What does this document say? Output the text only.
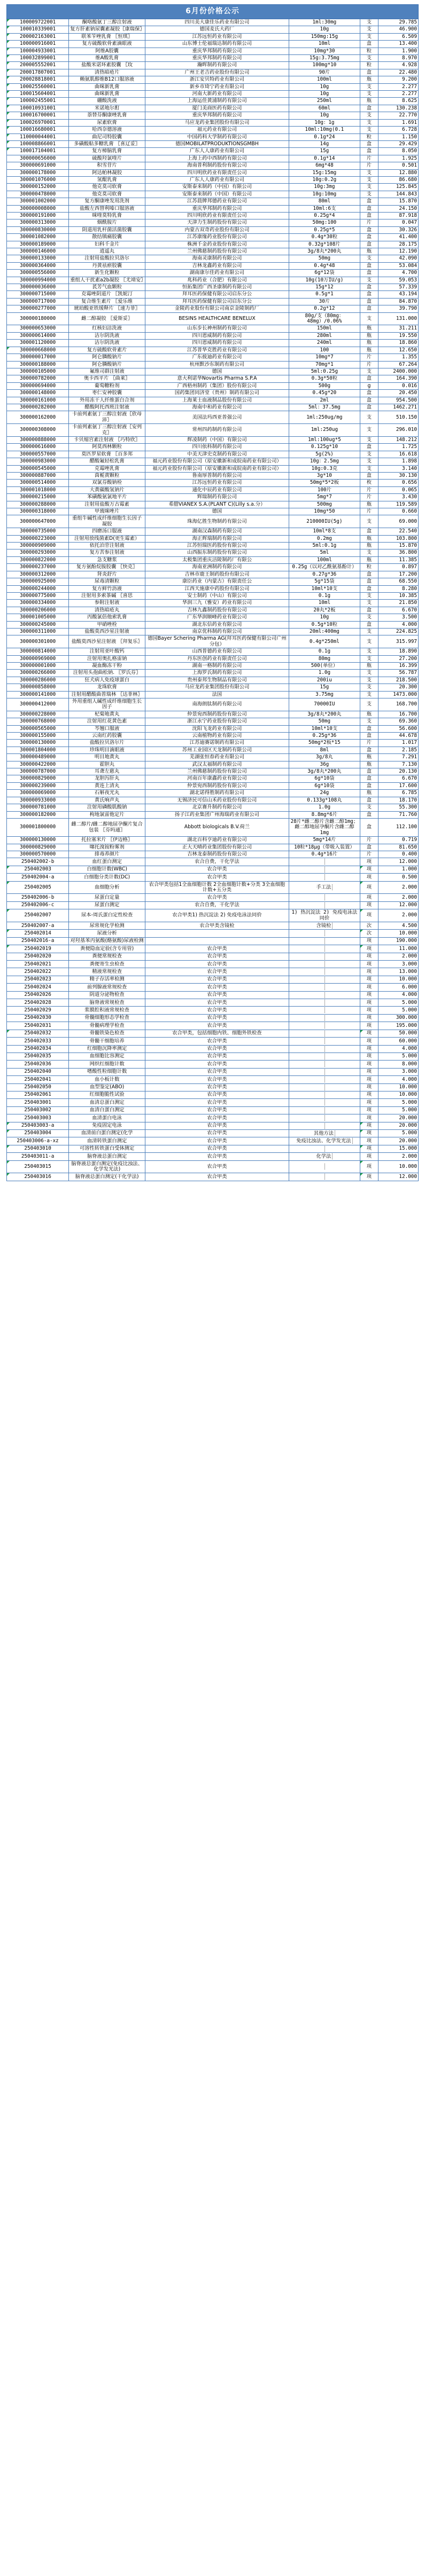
6月份价格公示					
100009722001	酮咯酸氨丁三醇注射液	四川美大康佳乐药业有限公司	1ml:30mg	支	29.785
100010339001	复方肝素钠尿囊素凝胶〖康瑞保〗	德国麦氏大药厂	10g	支	46.900
200002163001	联苯苄唑乳膏 〖恒琪〗	江苏远恒药业有限公司	150mg:15g	支	6.509
100000916001	复方硫酸软骨素滴眼液	山东博士伦福瑞达制药有限公司	10ml	盒	13.400
100004933001	阿维A胶囊	重庆华邦制药有限公司	10mg*30	粒	1.900
100032899001	维A酸乳膏	重庆华邦制药有限公司	15g:3.75mg	支	8.970
200005552001	盐酸米诺环素胶囊 〖玫	瀚晖制药有限公司	100mg*10	粒	4.928
200017807001	清热暗疮片	广州王老吉药业股份有限公司	90片	盒	22.480
200028818001	赖氨肌醇维B12口服溶液	浙江安贝特药业有限公司	100ml	瓶	9.200
100025560001	曲咪新乳膏	新乡市琦宁药业有限公司	10g	支	2.277
100015604001	曲咪新乳膏	河南大新药业有限公司	10g	支	2.277
100002455001	硼酸洗液	上海运佳黄浦制药有限公司	250ml	瓶	8.625
100010931001	米诺地尔酊	厦门美商医药有限公司	60ml	盒	130.238
100016700001	萘替芬酮康唑乳膏	重庆华邦制药有限公司	10g	支	22.770
100026970001	尿素软膏	马应龙药业集团股份有限公司	10g：1g	支	1.691
100016680001	哈西奈德溶液	福元药业有限公司	10ml:10mg(0.1	支	6.728
110000044001	曲尼司特胶囊	中国药科大学制药有限公司	0.1g*24	粒	1.150
100008866001	多磺酸粘多糖乳膏 〖喜辽妥〗	德国MOBILATPRODUKTIONSGMBH	14g	盒	29.429
100017104001	复方樟脑乳膏	广东人人康药业有限公司	15g	盒	8.050
300000656000	硫酸羟氯喹片	上海上药中西制药有限公司	0.1g*14	片	1.925
300000691000	积雪苷片	海南普利制药股份有限公司	6mg*48	片	0.501
300000178000	阿达帕林凝胶	四川明欣药业有限责任公司	15g:15mg	支	12.880
300001076000	氢醌乳膏	广东人人康药业有限公司	10g:0.2g	支	86.680
300000152000	他克莫司软膏	安斯泰来制药（中国）有限公司	10g:3mg	支	125.845
300000478000	他克莫司软膏	安斯泰来制药（中国）有限公司	10g:10mg	支	144.843
300001002000	复方酮康唑发用洗剂	江苏晨牌邦德药业有限公司	80ml	盒	15.870
300000008000	盐酸左西替利嗪口服溶液	重庆华邦制药有限公司	10ml:6支	盒	24.150
300000191000	咪喹莫特乳膏	四川明欣药业有限责任公司	0.25g*4	盒	87.918
300000313000	烟酰胺片	天津力生制药股份有限公司	50mg:100	片	0.047
300000830000	阴道用乳杆菌活菌胶囊	内蒙古双奇药业股份有限公司	0.25g*5	盒	30.326
300001082000	散结镇痛胶囊	江苏康缘药业股份有限公司	0.4g*30粒	盒	41.400
300000189000	妇科千金片	株洲千金药业股份有限公司	0.32g*108片	盒	28.175
300000146000	逍遥丸	兰州佛慈制药股份有限公司	3g/8丸*200丸	瓶	12.190
300000133000	注射用盐酸拉贝洛尔	海南灵康制药有限公司	50mg	支	42.090
300000364000	丹黄祛瘀胶囊	吉林龙鑫药业有限公司	0.4g*48	盒	53.084
300000556000	新生化颗粒	湖南康尔佳药业有限公司	6g*12袋	盒	4.700
300000994000	重组人干扰素a2b凝胶 〖尤靖安〗	兆科药业（合肥）有限公司	10g(10万IU/g)	支	59.053
300000036000	芪芳气血颗粒	恒拓集团广西圣康制药有限公司	15g*12	盒	57.339
300000715000	克霉唑阴道片 〖凯妮汀	拜耳医药保健有限公司启东分公	0.5g*1	盒	43.194
300000717000	复合维生素片 〖爱乐维	拜耳医药保健有限公司启东分公	30片	盒	84.870
300000277000	琥珀酸亚铁缓释片 〖速力菲〗	金陵药业股份有限公司南京金陵制药厂	0.2g*12	盒	39.790
300000180000	雌二醇凝胶 〖爱斯妥〗	BESINS HEALTHCARE BENELUX	80g/支（80mg：48mg）/0.06%	支	131.000
300000653000	红核妇洁洗液	山东步长神州制药有限公司	150ml	瓶	31.211
300000614000	洁尔阴洗液	四川恩威制药有限公司	280ml	瓶	19.550
300001120000	洁尔阴洗液	四川恩威制药有限公司	240ml	瓶	18.860
300000668000	复方硫酸软骨素片	江苏普华克胜药业有限公司	100	瓶	12.650
300000017000	阿仑膦酸钠片	广东彼迪药业有限公司	10mg*7	片	1.355
300000188000	阿仑膦酸钠片	杭州默沙东制药有限公司	70mg*1	片	67.264
300000105000	氟维司群注射液	德国	5ml:0.25g	支	2400.000
300000782000	奥卡西平片 〖曲莱〗	意大利诺华Novartis Pharma S.P.A	0.3g*50粒	盒	164.390
300000694000	葡萄糖粉剂	广西梧州制药（集团）股份有限公司	500g	g	0.016
300000148000	枣仁安神胶囊	国药集团同济堂（贵州）制药有限公司	0.45g*20	盒	20.450
300000161000	外用冻干人纤维蛋白合剂	上海莱士血液制品股份有限公司	2ml	盒	954.500
300000282000	醋酸阿托西班注射液	海南中和药业有限公司	5ml：37.5mg	盒	1462.271
300000162000	卡前列素氨丁三醇注射液〖欣母沛〗	美国法玛西亚普强公司	1ml:250ug/mg	支	510.150
300000308000	卡前列素氨丁三醇注射液〖安列克〗	常州四药制药有限公司	1ml:250ug	支	296.010
300000888000	卡贝缩宫素注射液 〖巧特欣〗	辉凌制药（中国）有限公司	1ml:100ug*5	支	148.212
300000616000	阿莫西林颗粒	四川依科制药有限公司	0.125g*10	盒	1.725
300000557000	莫匹罗星软膏 〖百多邦	中美天津史克制药有限公司	5g(2%)	支	16.618
300000983000	醋酸氟轻松乳膏	福元药业股份有限公司（原安徽新和成皖南药业有限公司）	10g：2.5mg	支	1.898
300000545000	克霉唑乳膏	福元药业股份有限公司（原安徽新和成皖南药业有限公司）	10g:0.3克	支	3.140
300000887000	茵栀黄颗粒	鲁南厚普制药有限公司	3g*10	盒	30.130
300000514000	双氯芬酸钠栓	江苏远恒药业有限公司	50mg*5*2板	枚	0.656
300001018000	大黄碳酸氢钠片	通化中辰药业有限公司	100片	片	0.065
300000215000	苯磺酸氨氯地平片	辉瑞制药有限公司	5mg*7	片	3.430
300000288000	注射用盐酸万古霉素	希腊VIANEX S.A.(PLANT C)(Lilly s.a.分）	500mg	瓶	119.589
300000318000	甲巯咪唑片	德国	10mg*50	片	0.660
300000647000	重组牛碱性成纤维细胞生长因子凝胶	珠海亿胜生物制药有限公司	210000IU(5g)	支	69.000
300000735000	四磨汤口服液	湖南汉森制药有限公司	10ml*8支	盒	22.540
300000223000	注射用放线菌素D(更生霉素）	海正辉瑞制药有限公司	0.2mg	瓶	103.800
300000909000	依托泊苷注射液	江苏恒瑞医药股份有限公司	5ml:0.1g	瓶	15.870
300000293000	复方苦参注射液	山西振东制药股份有限公司	5ml	支	36.800
300000822000	急支糖浆	太极集团重庆涪陵制药厂有限公	100ml	瓶	11.385
300000237000	复方氨酚烷胺胶囊 〖快克〗	海南亚洲制药有限公司	0.25g（以对乙酰氨基酚计）	粒	0.897
300000312000	肾炎舒片	吉林市鹿王制药股份有限公司	0.27g*36	盒	17.200
300000925000	尿毒清颗粒	康臣药业（内蒙古）有限责任公	5g*15袋	盒	68.550
300000244000	复方鲜竹沥液	江西天施康中药股份有限公司	10ml*10支	盒	8.280
300000775000	注射用多索茶碱 〖喜思	安士制药（中山）有限公司	0.1g	支	10.385
300000334000	参附注射液	华润三九（雅安）药业有限公司	10ml	支	21.850
300000206000	清热暗疮丸	吉林九鑫制药股份有限公司	20丸*2板	盒	6.670
300001005000	丙酸氯倍他索乳膏	广东华润顺峰药业有限公司	10g	支	3.500
300000245000	甲硝唑栓	湖北东信药业有限公司	0.5g*10粒	盒	4.000
300000311000	盐酸莫西沙星注射液	南京优科制药有限公司	20ml:400mg	支	224.825
300000301000	盐酸莫西沙星注射液 〖拜复乐〗	德国Bayer Schering Pharma AG(拜耳医药保健有限公司广州分包）	0.4g*250ml	支	315.997
300000814000	注射用亚叶酸钙	山西普德药业有限公司	0.1g	支	18.890
300000969000	注射用奥扎格雷钠	丹东医创药业有限责任公司	80mg	支	27.200
300000001000	凝血酶冻干粉	湖南一格制药有限公司	500(单位）	瓶	16.399
300000266000	注射用头孢曲松钠. 〖罗氏芬〗	上海罗氏制药有限公司	1.0g	支	56.787
300000286000	狂犬病人免疫球蛋白	贵州泰邦生物制品有限公司	200iu	支	218.500
300000858000	龙珠软膏	马应龙药业集团股份有限公司	15g	支	20.300
300000141000	注射用醋酸曲普瑞林 〖达菲林〗	法国	3.75mg	支	1473.000
300000412000	外用重组人碱性成纤维细胞生长因子	南海朗肽制药有限公司	70000IU	支	168.700
300000228000	杞菊地黄丸	仲景宛西制药股份有限公司	3g/8丸*200丸	瓶	16.700
300000768000	注射用红花黄色素	浙江永宁药业股份有限公司	50mg	支	69.360
300000565000	芩翘口服液	沈阳飞龙药业有限公司	10ml*10支	盒	56.600
300000155000	云南红药胶囊	云南植物药业有限公司	0.25g*36	盒	44.678
300000130000	盐酸拉贝洛尔片	江苏迪赛诺制药有限公司	50mg*2板*15	片	1.017
300001804000	珍珠明目滴眼液	苏州工业园区天龙制药有限公司	8ml	盒	2.185
300000489000	明目地黄丸	芜湖张恒春药业有限公司	3g/8丸	瓶	7.291
300000422000	霍胆丸	武汉太福制药有限公司	36g	瓶	7.130
300000787000	耳聋左慈丸	兰州佛慈制药股份有限公司	3g/8丸*200丸	盒	20.130
300000829000	龙胆泻肝丸	河南百年康鑫药业有限公司	6g*10袋	盒	6.670
300000239000	黄连上清丸	仲景宛西制药股份有限公司	6g*10袋	盒	17.600
300000069000	石斛夜光丸	湖北诺得胜制药有限公司	24g	瓶	6.785
300000933000	黄氏响声丸	无锡济民可信山禾药业股份有限公司	0.133g*108丸	盒	18.170
300000781000	注射用磷酸肌酸钠	北京赛升制药有限公司	1.0g	支	55.300
300000182000	枸地氯雷他定片	扬子江药业集团广州海瑞药业有限公司	8.8mg*6片	盒	71.760
300001800000	雌二醇片/雌二醇地屈孕酮片复合包装 〖芬吗通〗	Abbott biologicals B.V.荷兰	28片*雌二醇片含雌二醇1mg；雌二醇地屈孕酮片含雌二醇1mg	盒	112.100
300000130000	托拉塞米片 〖伊迈格〗	湖北百科亨迪药业有限公司	5mg*14片	片	0.719
300000829000	噻托溴铵粉雾剂	正大天晴药业集团股份有限公司	10粒*18μg（带吸入装置）	盒	81.650
300000570000	排毒养颜片	吉林龙泰制药股份有限公司	0.4g*16片	片	0.400
250402002-b	血红蛋白测定	农合自费，干化学法		项	12.000
250402003	白细胞计数(WBC)	农合甲类		项	1.000
250402004-a	白细胞分类计数(DC)	农合甲类		项	0.500
250402005	血细胞分析	农合甲类包括1全血细胞计数 2全血细胞计数+分类 3全血细胞计数+五分类	手工法	项	2.000
250402006-b	尿蛋白定量	农合甲类		项	2.000
250402006-c	尿蛋白测定	农合自费，干化学法		项	12.000
250402007	尿本-周氏蛋白定性检查	农合甲类1) 热沉淀法 2) 免疫电泳法同价	1) 热沉淀法 2) 免疫电泳法同价	项	2.000
250402007-a	尿常规化学检测	农合甲类含镜检	含镜检	次	4.500
250402014	尿液分析			次	10.000
250402016-a	对羟基苯丙氨酸(酪氨酸)尿液检测			项	190.000
250402019	粪便隐血定验(含专用管)	农合甲类		项	11.000
250402020	粪便常规检查	农合甲类		项	2.000
250402021	粪便寄生虫检查	农合甲类		项	3.000
250402022	精液常规检查	农合甲类		项	13.000
250402023	精子存活率检测	农合甲类		项	10.000
250402024	前列腺液常规检查	农合甲类		项	6.000
250402026	阴道分泌物检查	农合甲类		项	4.000
250402028	脑脊液常规检查	农合甲类		项	5.000
250402029	浆膜腔积液常规检查	农合甲类		项	5.000
250402030	骨髓细胞形态学检查	农合甲类		项	300.000
250402031	骨髓病理学检查	农合甲类		项	195.000
250402032	骨髓铁染色检查	农合甲类，包括细胞内铁、细胞外铁检查		项	50.000
250402033	骨髓干细胞培养	农合甲类		项	60.000
250402034	红细胞沉降率测定	农合甲类		项	4.000
250402035	血细胞比容测定	农合甲类		项	5.000
250402036	网织红细胞计数	农合甲类		项	8.000
250402040	嗜酸性粒细胞计数	农合甲类		项	3.000
250402041	血小板计数	农合甲类		项	4.000
250402050	血型鉴定(ABO)	农合甲类		项	10.000
250402061	红细胞脆性试验	农合甲类		项	10.000
250403001	血清总蛋白测定	农合甲类		项	5.000
250403002	血清白蛋白测定	农合甲类		项	5.000
250403003	血清蛋白电泳	农合甲类		项	20.000
250403003-a	免疫固定电泳	农合甲类		项	20.000
250403004	血清前白蛋白测定(化学	农合甲类	其他方法	项	5.000
250403006-a-xz	血清转铁蛋白测定	农合甲类	免疫比浊法、化学发光法	项	20.000
250403010	可溶性转铁蛋白受体测定	农合甲类		项	15.000
250403011-a	脑脊液总蛋白测定	农合甲类	化学法	项	2.000
250403015	脑脊液总蛋白测定(免疫比浊法、化学发光法)	农合甲类		项	10.000
250403016	脑脊液总蛋白测定(干化学法)	农合甲类		项	12.000
